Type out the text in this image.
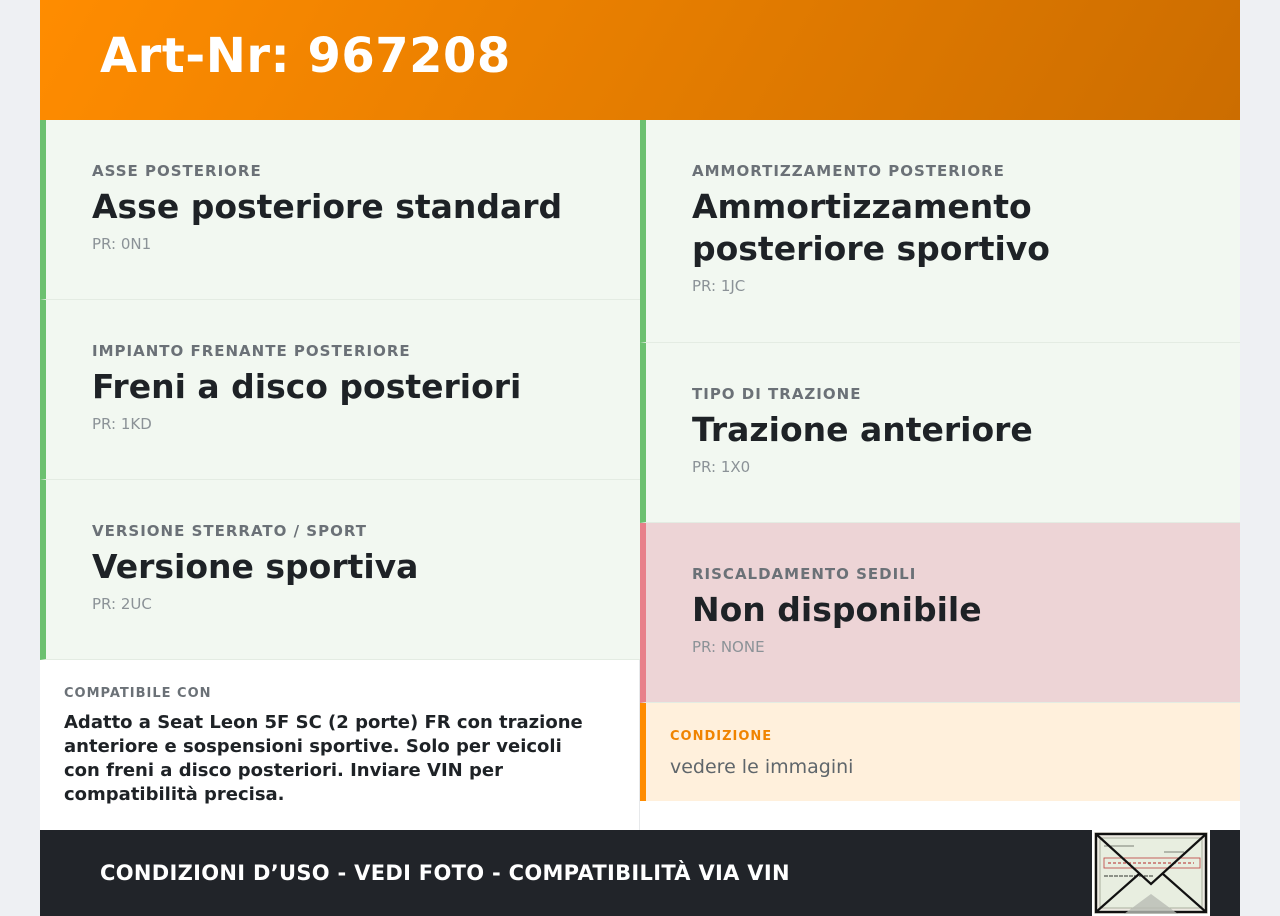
Art-Nr: 967208
ASSE POSTERIORE
Asse posteriore standard
PR: 0N1
IMPIANTO FRENANTE POSTERIORE
Freni a disco posteriori
PR: 1KD
VERSIONE STERRATO / SPORT
Versione sportiva
PR: 2UC
AMMORTIZZAMENTO POSTERIORE
Ammortizzamento posteriore sportivo
PR: 1JC
TIPO DI TRAZIONE
Trazione anteriore
PR: 1X0
RISCALDAMENTO SEDILI
Non disponibile
PR: NONE
COMPATIBILE CON
Adatto a Seat Leon 5F SC (2 porte) FR con trazione anteriore e sospensioni sportive. Solo per veicoli con freni a disco posteriori. Inviare VIN per compatibilità precisa.
CONDIZIONE
vedere le immagini
CONDIZIONI D’USO - VEDI FOTO - COMPATIBILITÀ VIA VIN
